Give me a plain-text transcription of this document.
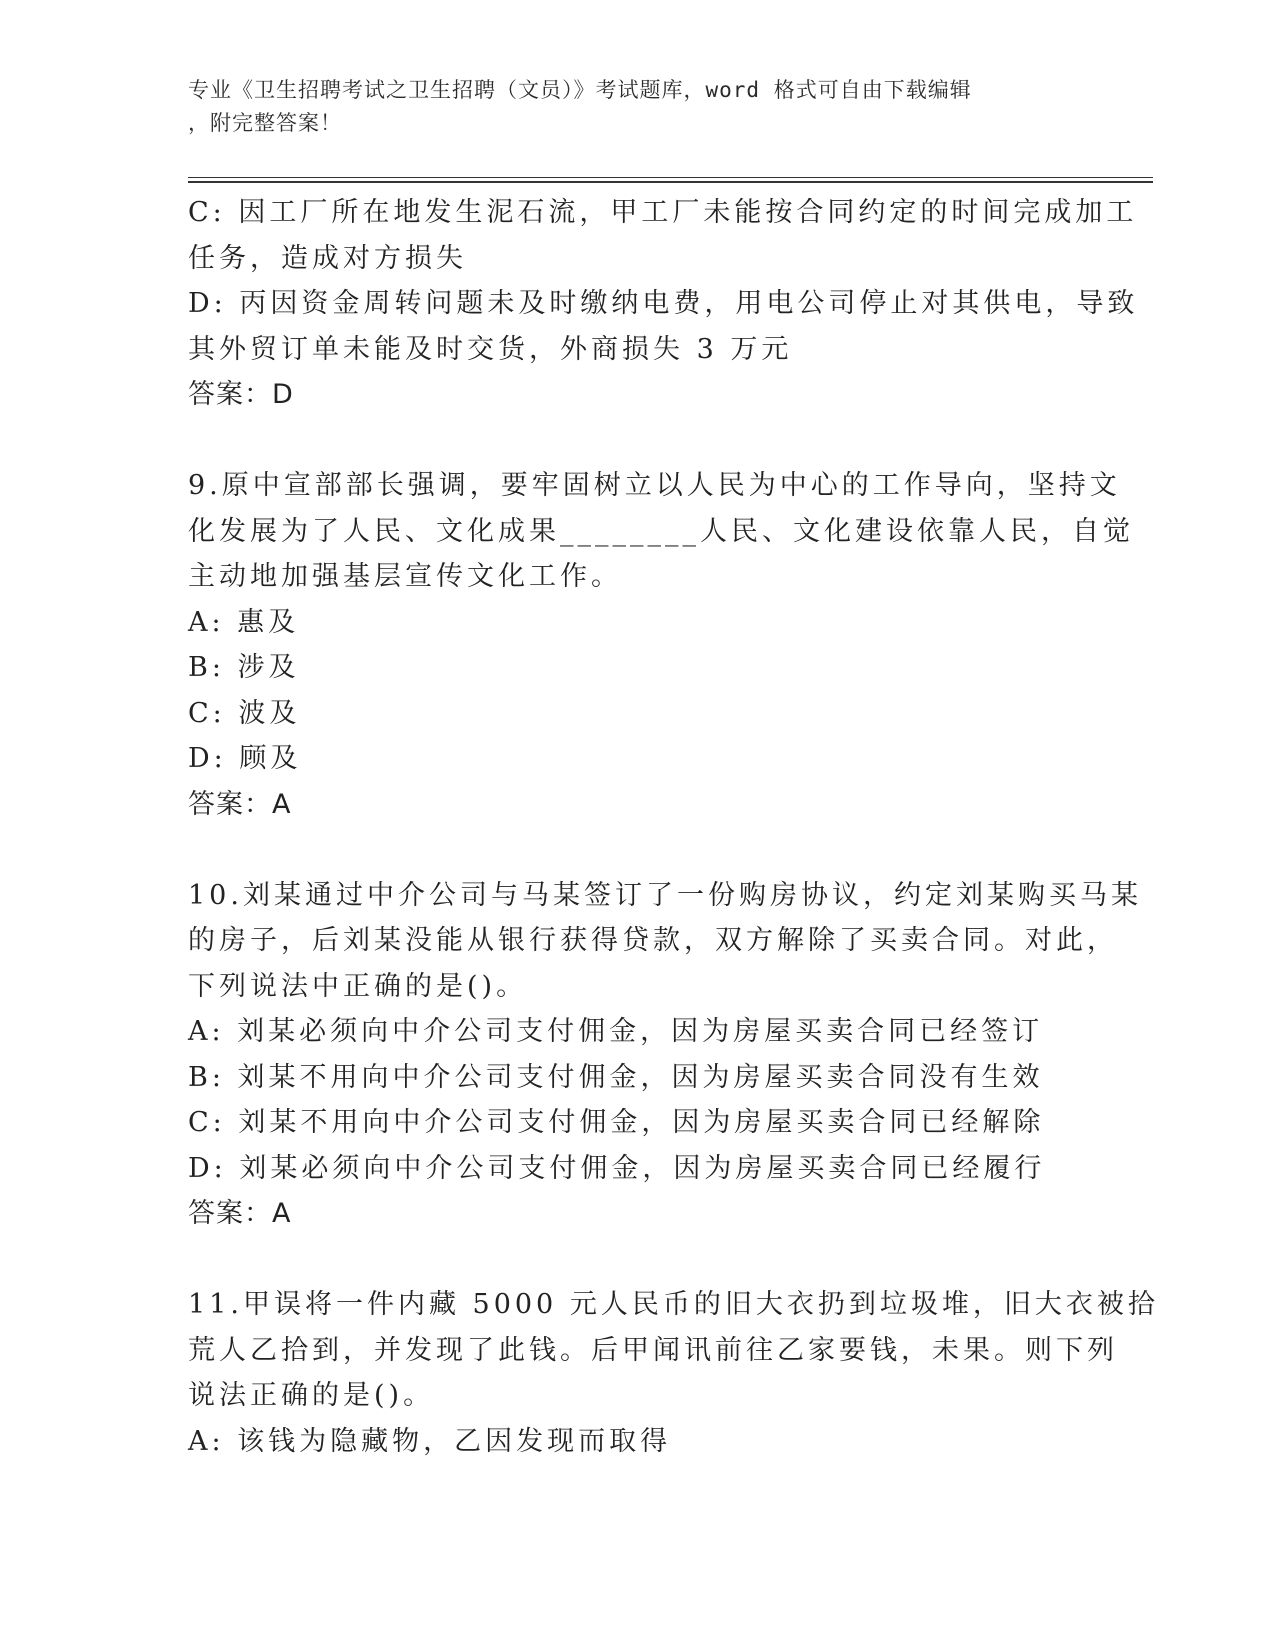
专业《卫生招聘考试之卫生招聘（文员）》考试题库，word 格式可自由下载编辑
，附完整答案！
C: 因工厂所在地发生泥石流，甲工厂未能按合同约定的时间完成加工
任务，造成对方损失
D: 丙因资金周转问题未及时缴纳电费，用电公司停止对其供电，导致
其外贸订单未能及时交货，外商损失 3 万元
答案：D
9.原中宣部部长强调，要牢固树立以人民为中心的工作导向，坚持文
化发展为了人民、文化成果________人民、文化建设依靠人民，自觉
主动地加强基层宣传文化工作。
A: 惠及
B: 涉及
C: 波及
D: 顾及
答案：A
10.刘某通过中介公司与马某签订了一份购房协议，约定刘某购买马某
的房子，后刘某没能从银行获得贷款，双方解除了买卖合同。对此，
下列说法中正确的是()。
A: 刘某必须向中介公司支付佣金，因为房屋买卖合同已经签订
B: 刘某不用向中介公司支付佣金，因为房屋买卖合同没有生效
C: 刘某不用向中介公司支付佣金，因为房屋买卖合同已经解除
D: 刘某必须向中介公司支付佣金，因为房屋买卖合同已经履行
答案：A
11.甲误将一件内藏 5000 元人民币的旧大衣扔到垃圾堆，旧大衣被拾
荒人乙拾到，并发现了此钱。后甲闻讯前往乙家要钱，未果。则下列
说法正确的是()。
A: 该钱为隐藏物，乙因发现而取得
